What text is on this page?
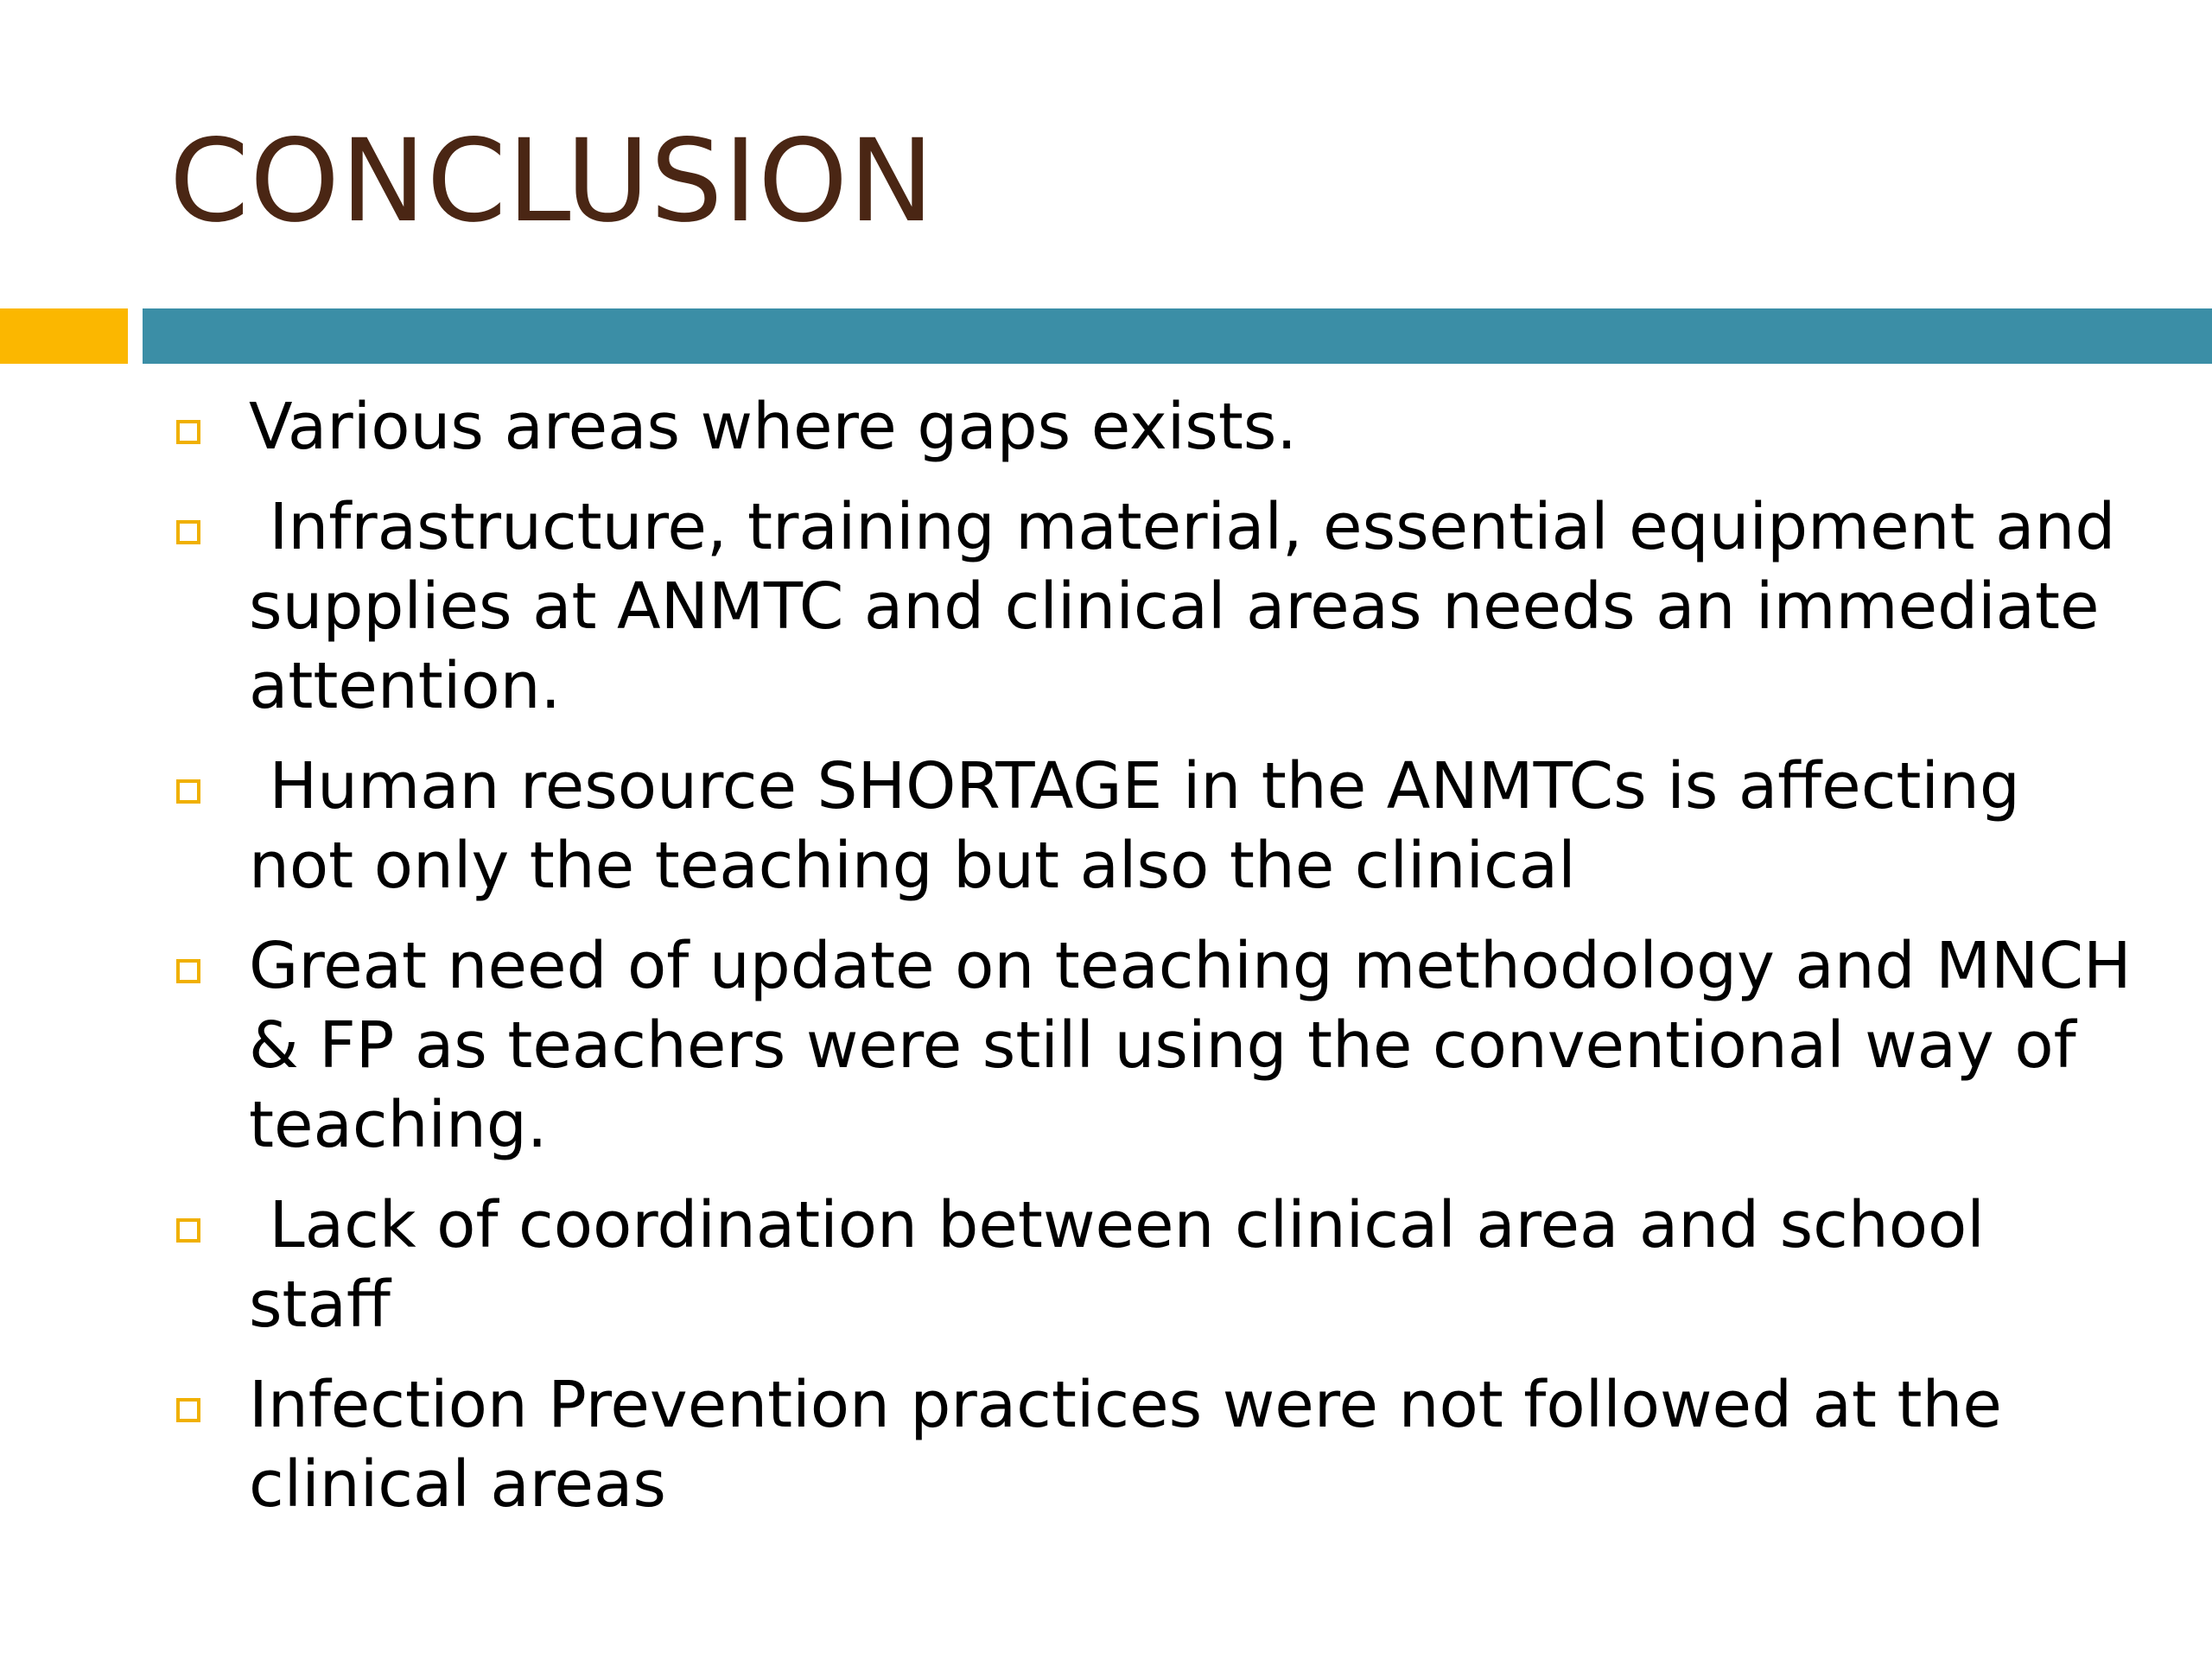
CONCLUSION
Various areas where gaps exists.
Infrastructure, training material, essential equipment and supplies at ANMTC and clinical areas needs an immediate attention.
Human resource SHORTAGE in the ANMTCs is affecting not only the teaching but also the clinical
Great need of update on teaching methodology and MNCH & FP as teachers were still using the conventional way of teaching.
Lack of coordination between clinical area and school staff
Infection Prevention practices were not followed at the clinical areas
